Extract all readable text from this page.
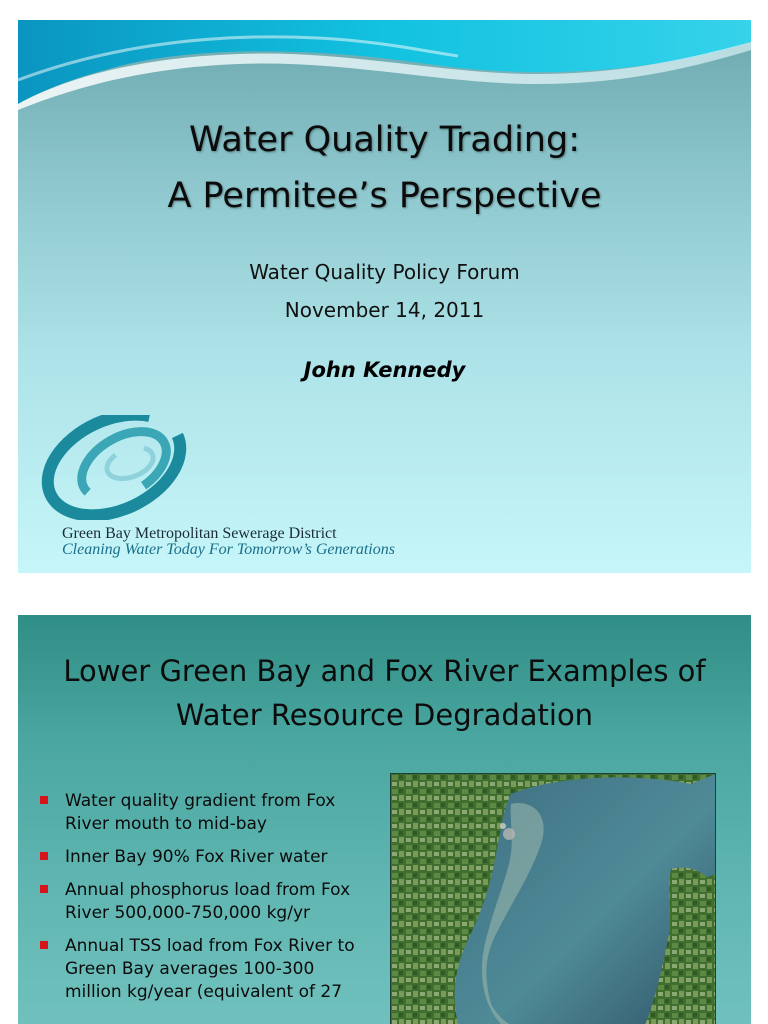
Water Quality Trading:
A Permitee’s Perspective
Water Quality Policy Forum
November 14, 2011
John Kennedy
Green Bay Metropolitan Sewerage District
Cleaning Water Today For Tomorrow’s Generations
Lower Green Bay and Fox River Examples of
Water Resource Degradation
Water quality gradient from Fox
River mouth to mid-bay
Inner Bay 90% Fox River water
Annual phosphorus load from Fox
River 500,000-750,000 kg/yr
Annual TSS load from Fox River to
Green Bay averages 100-300
million kg/year (equivalent of 27
